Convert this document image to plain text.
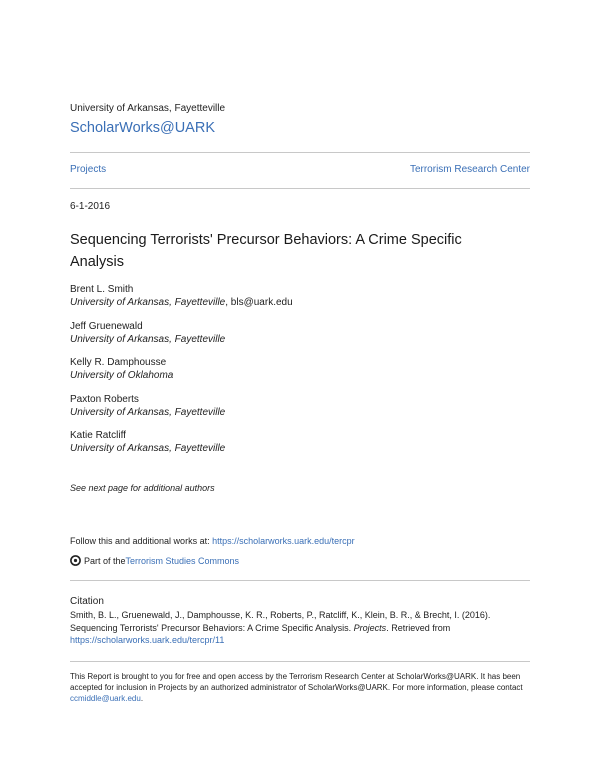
University of Arkansas, Fayetteville
ScholarWorks@UARK
Projects	Terrorism Research Center
6-1-2016
Sequencing Terrorists' Precursor Behaviors: A Crime Specific Analysis
Brent L. Smith
University of Arkansas, Fayetteville, bls@uark.edu
Jeff Gruenewald
University of Arkansas, Fayetteville
Kelly R. Damphousse
University of Oklahoma
Paxton Roberts
University of Arkansas, Fayetteville
Katie Ratcliff
University of Arkansas, Fayetteville
See next page for additional authors
Follow this and additional works at: https://scholarworks.uark.edu/tercpr
Part of the Terrorism Studies Commons
Citation
Smith, B. L., Gruenewald, J., Damphousse, K. R., Roberts, P., Ratcliff, K., Klein, B. R., & Brecht, I. (2016). Sequencing Terrorists' Precursor Behaviors: A Crime Specific Analysis. Projects. Retrieved from
https://scholarworks.uark.edu/tercpr/11
This Report is brought to you for free and open access by the Terrorism Research Center at ScholarWorks@UARK. It has been accepted for inclusion in Projects by an authorized administrator of ScholarWorks@UARK. For more information, please contact ccmiddle@uark.edu.
